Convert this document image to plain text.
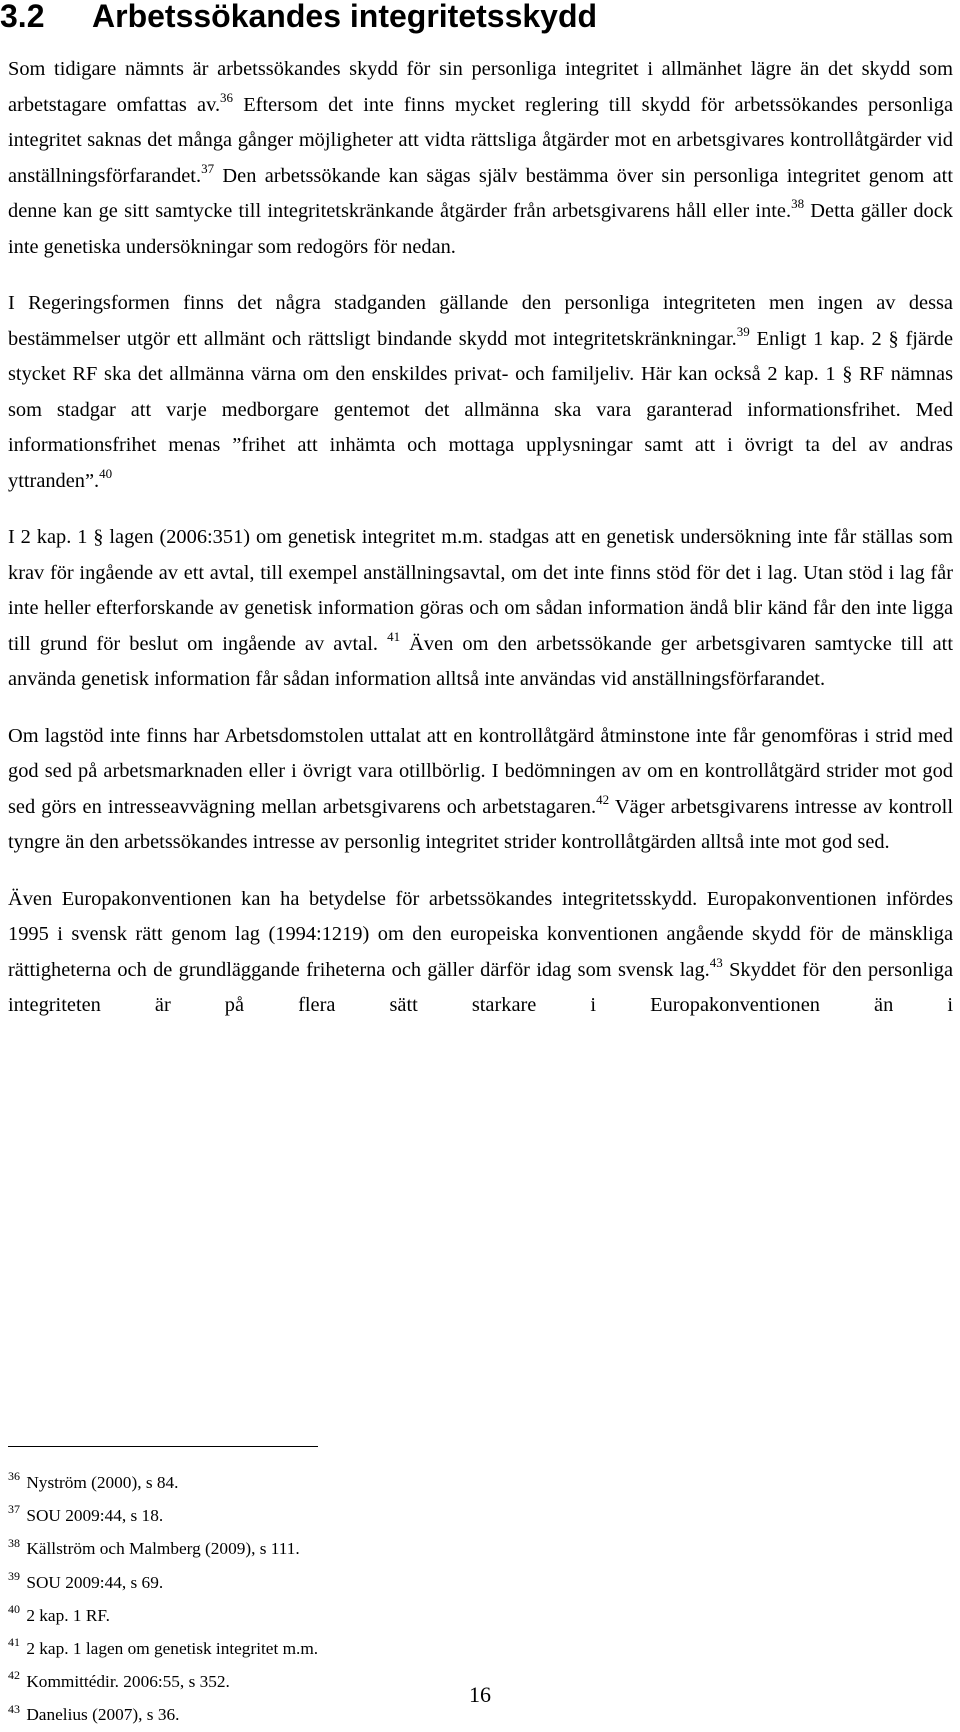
3.2 Arbetssökandes integritetsskydd

Som tidigare nämnts är arbetssökandes skydd för sin personliga integritet i allmänhet lägre än det skydd som arbetstagare omfattas av.$^{36}$ Eftersom det inte finns mycket reglering till skydd för arbetssökandes personliga integritet saknas det många gånger möjligheter att vidta rättsliga åtgärder mot en arbetsgivares kontrollåtgärder vid anställningsförfarandet.$^{37}$ Den arbetssökande kan sägas själv bestämma över sin personliga integritet genom att denne kan ge sitt samtycke till integritetskränkande åtgärder från arbetsgivarens håll eller inte.$^{38}$ Detta gäller dock inte genetiska undersökningar som redogörs för nedan.

I Regeringsformen finns det några stadganden gällande den personliga integriteten men ingen av dessa bestämmelser utgör ett allmänt och rättsligt bindande skydd mot integritetskränkningar.$^{39}$ Enligt 1 kap. 2 § fjärde stycket RF ska det allmänna värna om den enskildes privat- och familjeliv. Här kan också 2 kap. 1 § RF nämnas som stadgar att varje medborgare gentemot det allmänna ska vara garanterad informationsfrihet. Med informationsfrihet menas ”frihet att inhämta och mottaga upplysningar samt att i övrigt ta del av andras yttranden”.$^{40}$

I 2 kap. 1 § lagen (2006:351) om genetisk integritet m.m. stadgas att en genetisk undersökning inte får ställas som krav för ingående av ett avtal, till exempel anställningsavtal, om det inte finns stöd för det i lag. Utan stöd i lag får inte heller efterforskande av genetisk information göras och om sådan information ändå blir känd får den inte ligga till grund för beslut om ingående av avtal. $^{41}$ Även om den arbetssökande ger arbetsgivaren samtycke till att använda genetisk information får sådan information alltså inte användas vid anställningsförfarandet.

Om lagstöd inte finns har Arbetsdomstolen uttalat att en kontrollåtgärd åtminstone inte får genomföras i strid med god sed på arbetsmarknaden eller i övrigt vara otillbörlig. I bedömningen av om en kontrollåtgärd strider mot god sed görs en intresseavvägning mellan arbetsgivarens och arbetstagaren.$^{42}$ Väger arbetsgivarens intresse av kontroll tyngre än den arbetssökandes intresse av personlig integritet strider kontrollåtgärden alltså inte mot god sed.

Även Europakonventionen kan ha betydelse för arbetssökandes integritetsskydd. Europakonventionen infördes 1995 i svensk rätt genom lag (1994:1219) om den europeiska konventionen angående skydd för de mänskliga rättigheterna och de grundläggande friheterna och gäller därför idag som svensk lag.$^{43}$ Skyddet för den personliga integriteten är på flera sätt starkare i Europakonventionen än i

$^{36}$ Nyström (2000), s 84.

$^{37}$ SOU 2009:44, s 18.

$^{38}$ Källström och Malmberg (2009), s 111.

$^{39}$ SOU 2009:44, s 69.

$^{40}$ 2 kap. 1 RF.

$^{41}$ 2 kap. 1 lagen om genetisk integritet m.m.

$^{42}$ Kommittédir. 2006:55, s 352.

$^{43}$ Danelius (2007), s 36.

16
